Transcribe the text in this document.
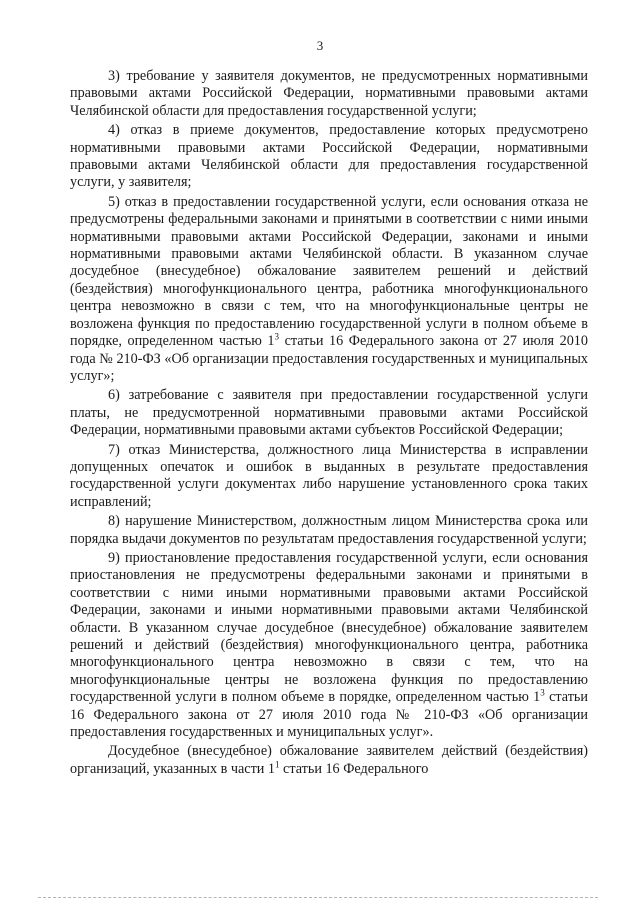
3

3) требование у заявителя документов, не предусмотренных нормативными правовыми актами Российской Федерации, нормативными правовыми актами Челябинской области для предоставления государственной услуги;

4) отказ в приеме документов, предоставление которых предусмотрено нормативными правовыми актами Российской Федерации, нормативными правовыми актами Челябинской области для предоставления государственной услуги, у заявителя;

5) отказ в предоставлении государственной услуги, если основания отказа не предусмотрены федеральными законами и принятыми в соответствии с ними иными нормативными правовыми актами Российской Федерации, законами и иными нормативными правовыми актами Челябинской области. В указанном случае досудебное (внесудебное) обжалование заявителем решений и действий (бездействия) многофункционального центра, работника многофункционального центра невозможно в связи с тем, что на многофункциональные центры не возложена функция по предоставлению государственной услуги в полном объеме в порядке, определенном частью $1^3$ статьи 16 Федерального закона от 27 июля 2010 года № 210-ФЗ «Об организации предоставления государственных и муниципальных услуг»;

6) затребование с заявителя при предоставлении государственной услуги платы, не предусмотренной нормативными правовыми актами Российской Федерации, нормативными правовыми актами субъектов Российской Федерации;

7) отказ Министерства, должностного лица Министерства в исправлении допущенных опечаток и ошибок в выданных в результате предоставления государственной услуги документах либо нарушение установленного срока таких исправлений;

8) нарушение Министерством, должностным лицом Министерства срока или порядка выдачи документов по результатам предоставления государственной услуги;

9) приостановление предоставления государственной услуги, если основания приостановления не предусмотрены федеральными законами и принятыми в соответствии с ними иными нормативными правовыми актами Российской Федерации, законами и иными нормативными правовыми актами Челябинской области. В указанном случае досудебное (внесудебное) обжалование заявителем решений и действий (бездействия) многофункционального центра, работника многофункционального центра невозможно в связи с тем, что на многофункциональные центры не возложена функция по предоставлению государственной услуги в полном объеме в порядке, определенном частью $1^3$ статьи 16 Федерального закона от 27 июля 2010 года № 210-ФЗ «Об организации предоставления государственных и муниципальных услуг».

Досудебное (внесудебное) обжалование заявителем действий (бездействия) организаций, указанных в части $1^1$ статьи 16 Федерального
